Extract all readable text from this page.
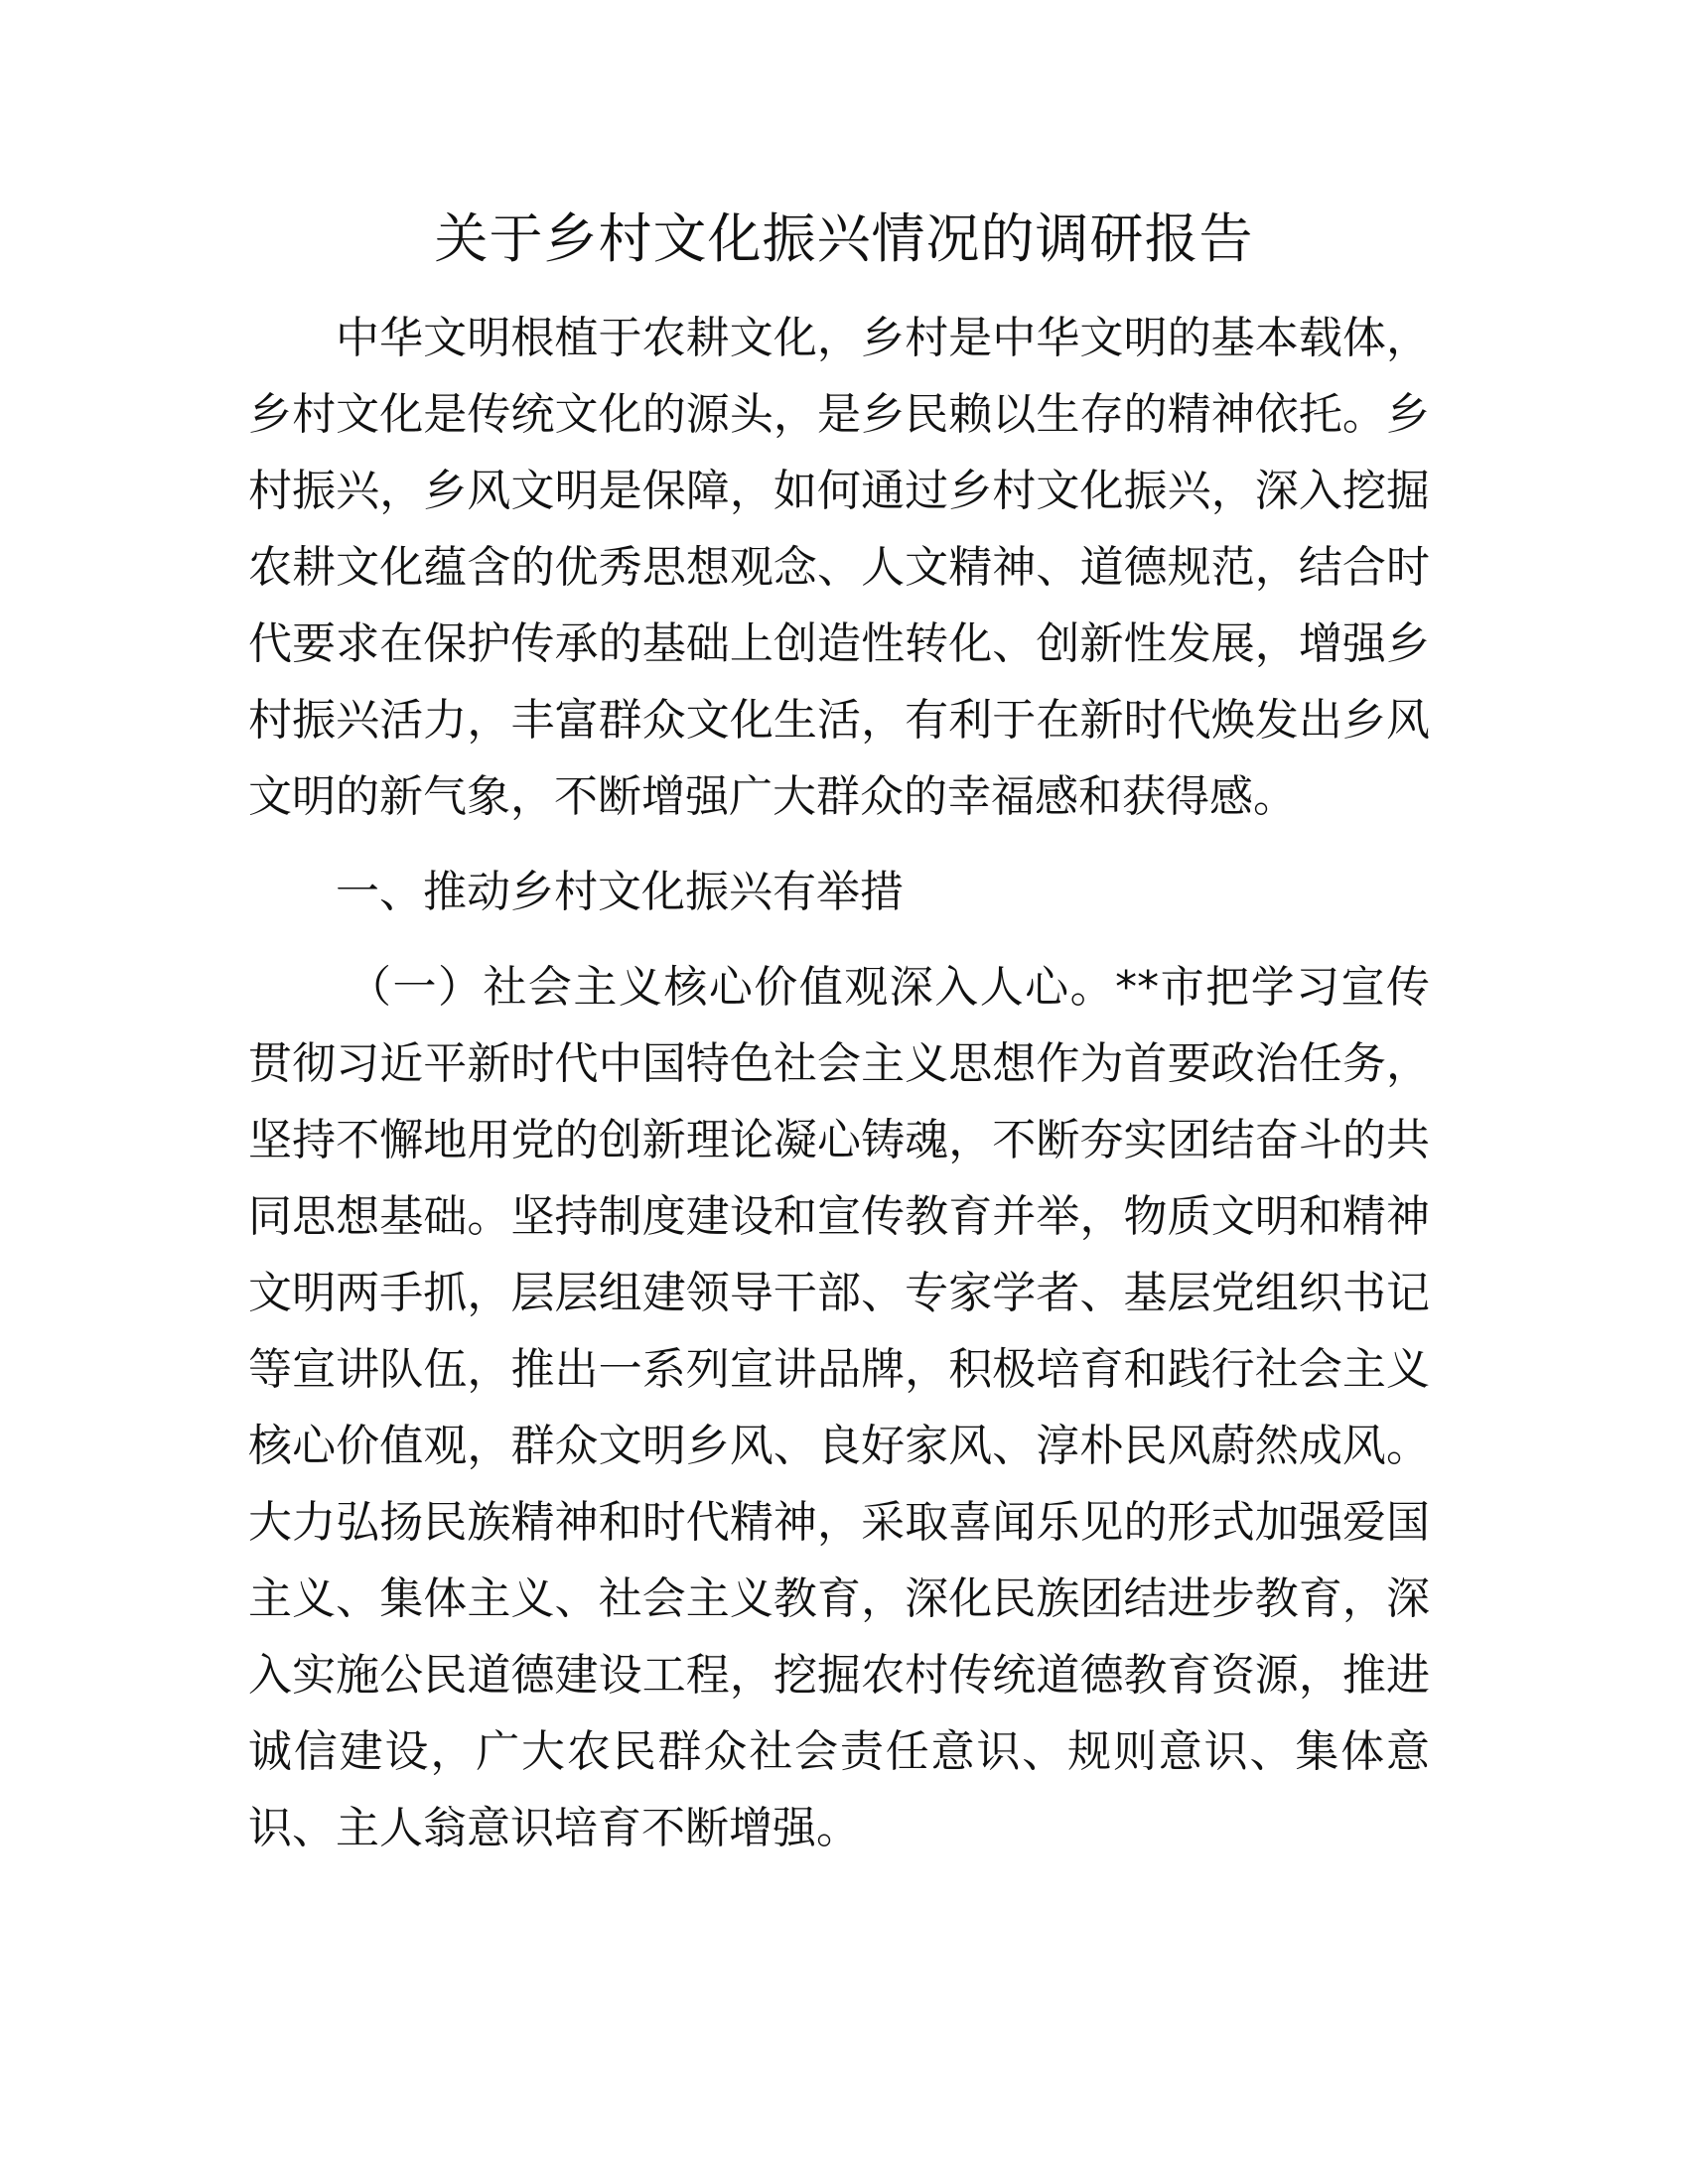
关于乡村文化振兴情况的调研报告

中华文明根植于农耕文化，乡村是中华文明的基本载体，乡村文化是传统文化的源头，是乡民赖以生存的精神依托。乡村振兴，乡风文明是保障，如何通过乡村文化振兴，深入挖掘农耕文化蕴含的优秀思想观念、人文精神、道德规范，结合时代要求在保护传承的基础上创造性转化、创新性发展，增强乡村振兴活力，丰富群众文化生活，有利于在新时代焕发出乡风文明的新气象，不断增强广大群众的幸福感和获得感。

一、推动乡村文化振兴有举措

（一）社会主义核心价值观深入人心。**市把学习宣传贯彻习近平新时代中国特色社会主义思想作为首要政治任务，坚持不懈地用党的创新理论凝心铸魂，不断夯实团结奋斗的共同思想基础。坚持制度建设和宣传教育并举，物质文明和精神文明两手抓，层层组建领导干部、专家学者、基层党组织书记等宣讲队伍，推出一系列宣讲品牌，积极培育和践行社会主义核心价值观，群众文明乡风、良好家风、淳朴民风蔚然成风。大力弘扬民族精神和时代精神，采取喜闻乐见的形式加强爱国主义、集体主义、社会主义教育，深化民族团结进步教育，深入实施公民道德建设工程，挖掘农村传统道德教育资源，推进诚信建设，广大农民群众社会责任意识、规则意识、集体意识、主人翁意识培育不断增强。
